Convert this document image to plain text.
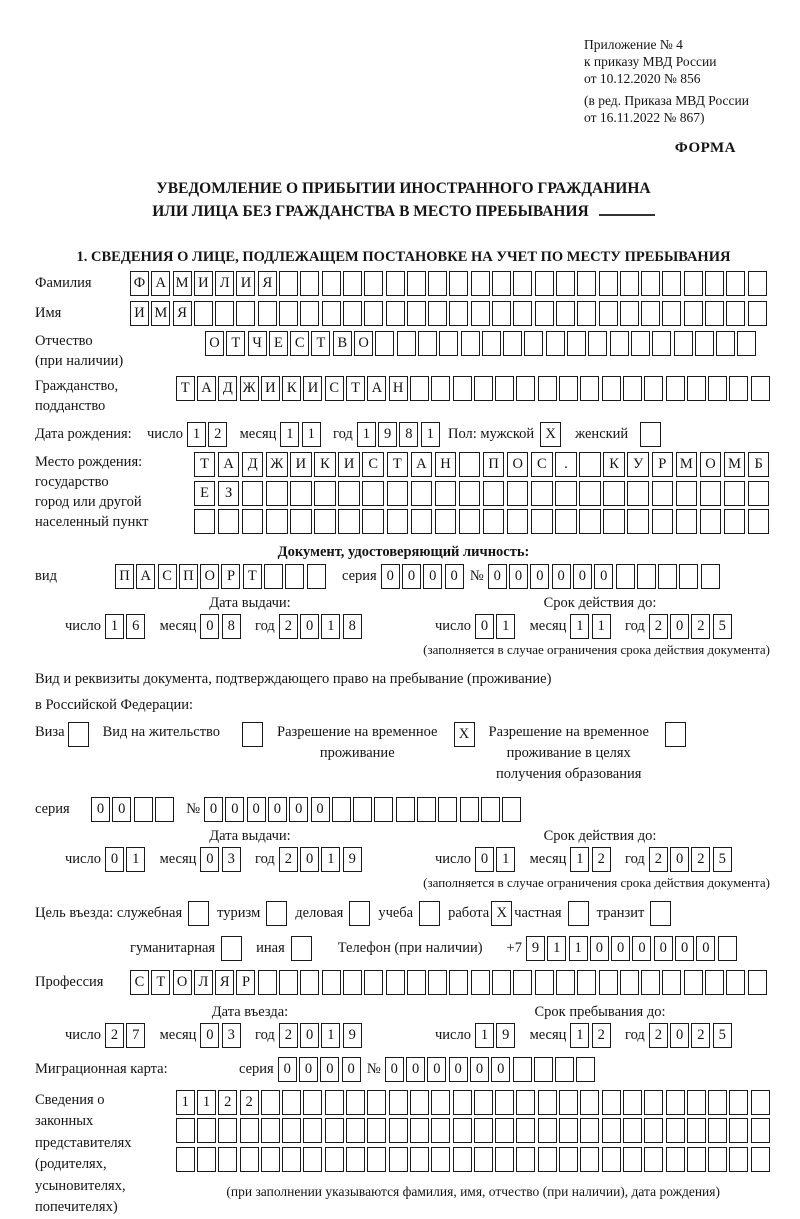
Приложение № 4
к приказу МВД России
от 10.12.2020 № 856
(в ред. Приказа МВД России
от 16.11.2022 № 867)
ФОРМА
УВЕДОМЛЕНИЕ О ПРИБЫТИИ ИНОСТРАННОГО ГРАЖДАНИНА
ИЛИ ЛИЦА БЕЗ ГРАЖДАНСТВА В МЕСТО ПРЕБЫВАНИЯ
1. СВЕДЕНИЯ О ЛИЦЕ, ПОДЛЕЖАЩЕМ ПОСТАНОВКЕ НА УЧЕТ ПО МЕСТУ ПРЕБЫВАНИЯ
Фамилия	Ф А М И Л И Я
Имя	И М Я
Отчество
(при наличии)
О Т Ч Е С Т В О
Гражданство,
подданство
Т А Д Ж И К И С Т А Н
Дата рождения:	число 1 2	месяц 1 1	год 1 9 8 1 Пол: мужской X	женский
Место рождения:
государство
город или другой
населенный пункт
Т А Д Ж И К И С	Т А Н	П О С	.	К У	Р М О М Б
Е	З
Документ, удостоверяющий личность:
вид	П А С П О Р Т	серия 0 0 0 0 № 0 0 0 0 0 0
Дата выдачи:
число 1 6	месяц 0 8	год 2 0 1 8
Срок действия до:
число 0 1	месяц 1 1	год 2 0 2 5
(заполняется в случае ограничения срока действия документа)
Вид и реквизиты документа, подтверждающего право на пребывание (проживание)
в Российской Федерации:
Виза	Вид на жительство	Разрешение на временное
проживание
X	Разрешение на временное
проживание в целях
получения образования
серия	0 0	№ 0 0 0 0 0 0
Дата выдачи:
число 0 1	месяц 0 3	год 2 0 1 9
Срок действия до:
число 0 1	месяц 1 2	год 2 0 2 5
(заполняется в случае ограничения срока действия документа)
Цель въезда: служебная туризм деловая учеба работа X частная транзит
гуманитарная	иная	Телефон (при наличии) +7 9 1 1 0 0 0 0 0 0
Профессия	С Т О Л Я Р
Дата въезда:
число 2 7	месяц 0 3	год 2 0 1 9
Срок пребывания до:
число 1 9	месяц 1 2	год 2 0 2 5
Миграционная карта:	серия 0 0 0 0 № 0 0 0 0 0 0
Сведения о
законных
представителях
(родителях,
усыновителях,
попечителях)
1 1 2 2
(при заполнении указываются фамилия, имя, отчество (при наличии), дата рождения)
